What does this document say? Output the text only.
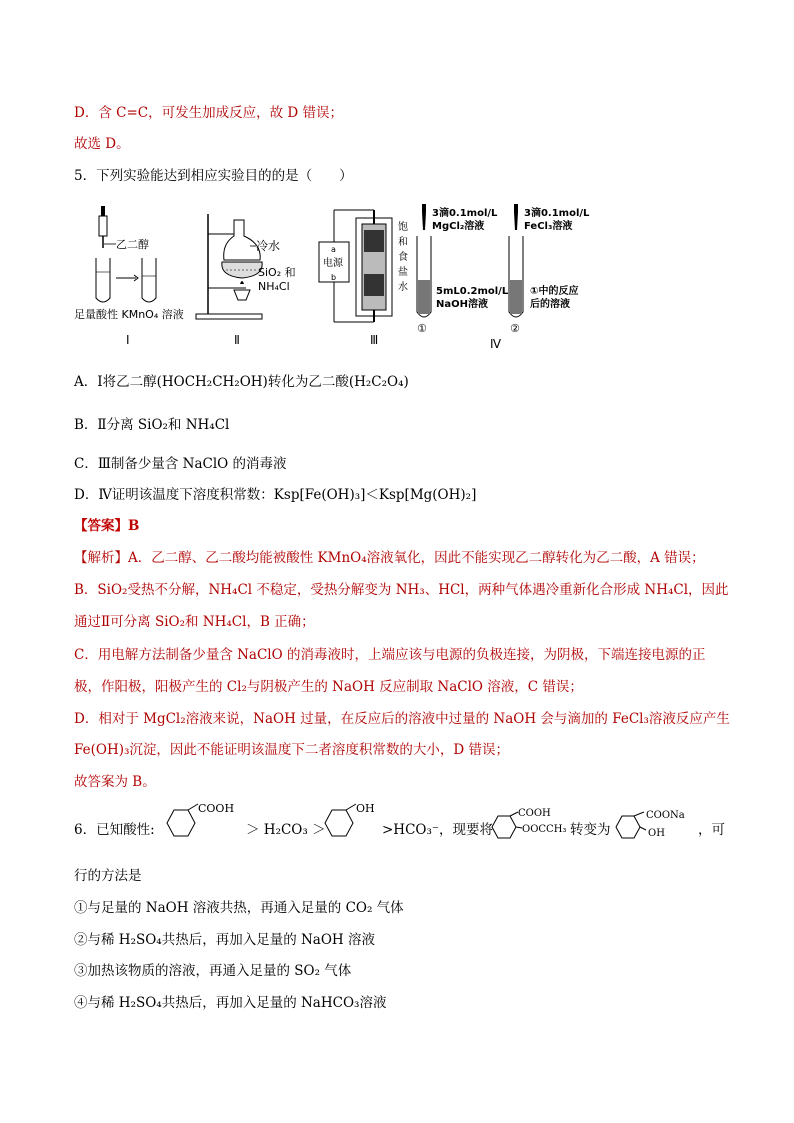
D．含 C=C，可发生加成反应，故 D 错误；
故选 D。
5．下列实验能达到相应实验目的的是（　　）
乙二醇
足量酸性 KMnO₄ 溶液
Ⅰ
冷水
SiO₂ 和
NH₄Cl
Ⅱ
电源
a
b
饱
和
食
盐
水
Ⅲ
3滴0.1mol/L
MgCl₂溶液
5mL0.2mol/L
NaOH溶液
①
3滴0.1mol/L
FeCl₃溶液
①中的反应
后的溶液
②
Ⅳ
A．Ⅰ将乙二醇(HOCH₂CH₂OH)转化为乙二酸(H₂C₂O₄)
B．Ⅱ分离 SiO₂和 NH₄Cl
C．Ⅲ制备少量含 NaClO 的消毒液
D．Ⅳ证明该温度下溶度积常数：Ksp[Fe(OH)₃]＜Ksp[Mg(OH)₂]
【答案】B
【解析】A．乙二醇、乙二酸均能被酸性 KMnO₄溶液氧化，因此不能实现乙二醇转化为乙二酸，A 错误；
B．SiO₂受热不分解，NH₄Cl 不稳定，受热分解变为 NH₃、HCl，两种气体遇冷重新化合形成 NH₄Cl，因此
通过Ⅱ可分离 SiO₂和 NH₄Cl，B 正确；
C．用电解方法制备少量含 NaClO 的消毒液时，上端应该与电源的负极连接，为阴极，下端连接电源的正
极，作阳极，阳极产生的 Cl₂与阴极产生的 NaOH 反应制取 NaClO 溶液，C 错误；
D．相对于 MgCl₂溶液来说，NaOH 过量，在反应后的溶液中过量的 NaOH 会与滴加的 FeCl₃溶液反应产生
Fe(OH)₃沉淀，因此不能证明该温度下二者溶度积常数的大小，D 错误；
故答案为 B。
6．已知酸性:
COOH
＞ H₂CO₃ ＞
OH
>HCO₃⁻，现要将
COOH
OOCCH₃ 转变为
COONa
OH ，可
行的方法是
①与足量的 NaOH 溶液共热，再通入足量的 CO₂ 气体
②与稀 H₂SO₄共热后，再加入足量的 NaOH 溶液
③加热该物质的溶液，再通入足量的 SO₂ 气体
④与稀 H₂SO₄共热后，再加入足量的 NaHCO₃溶液
